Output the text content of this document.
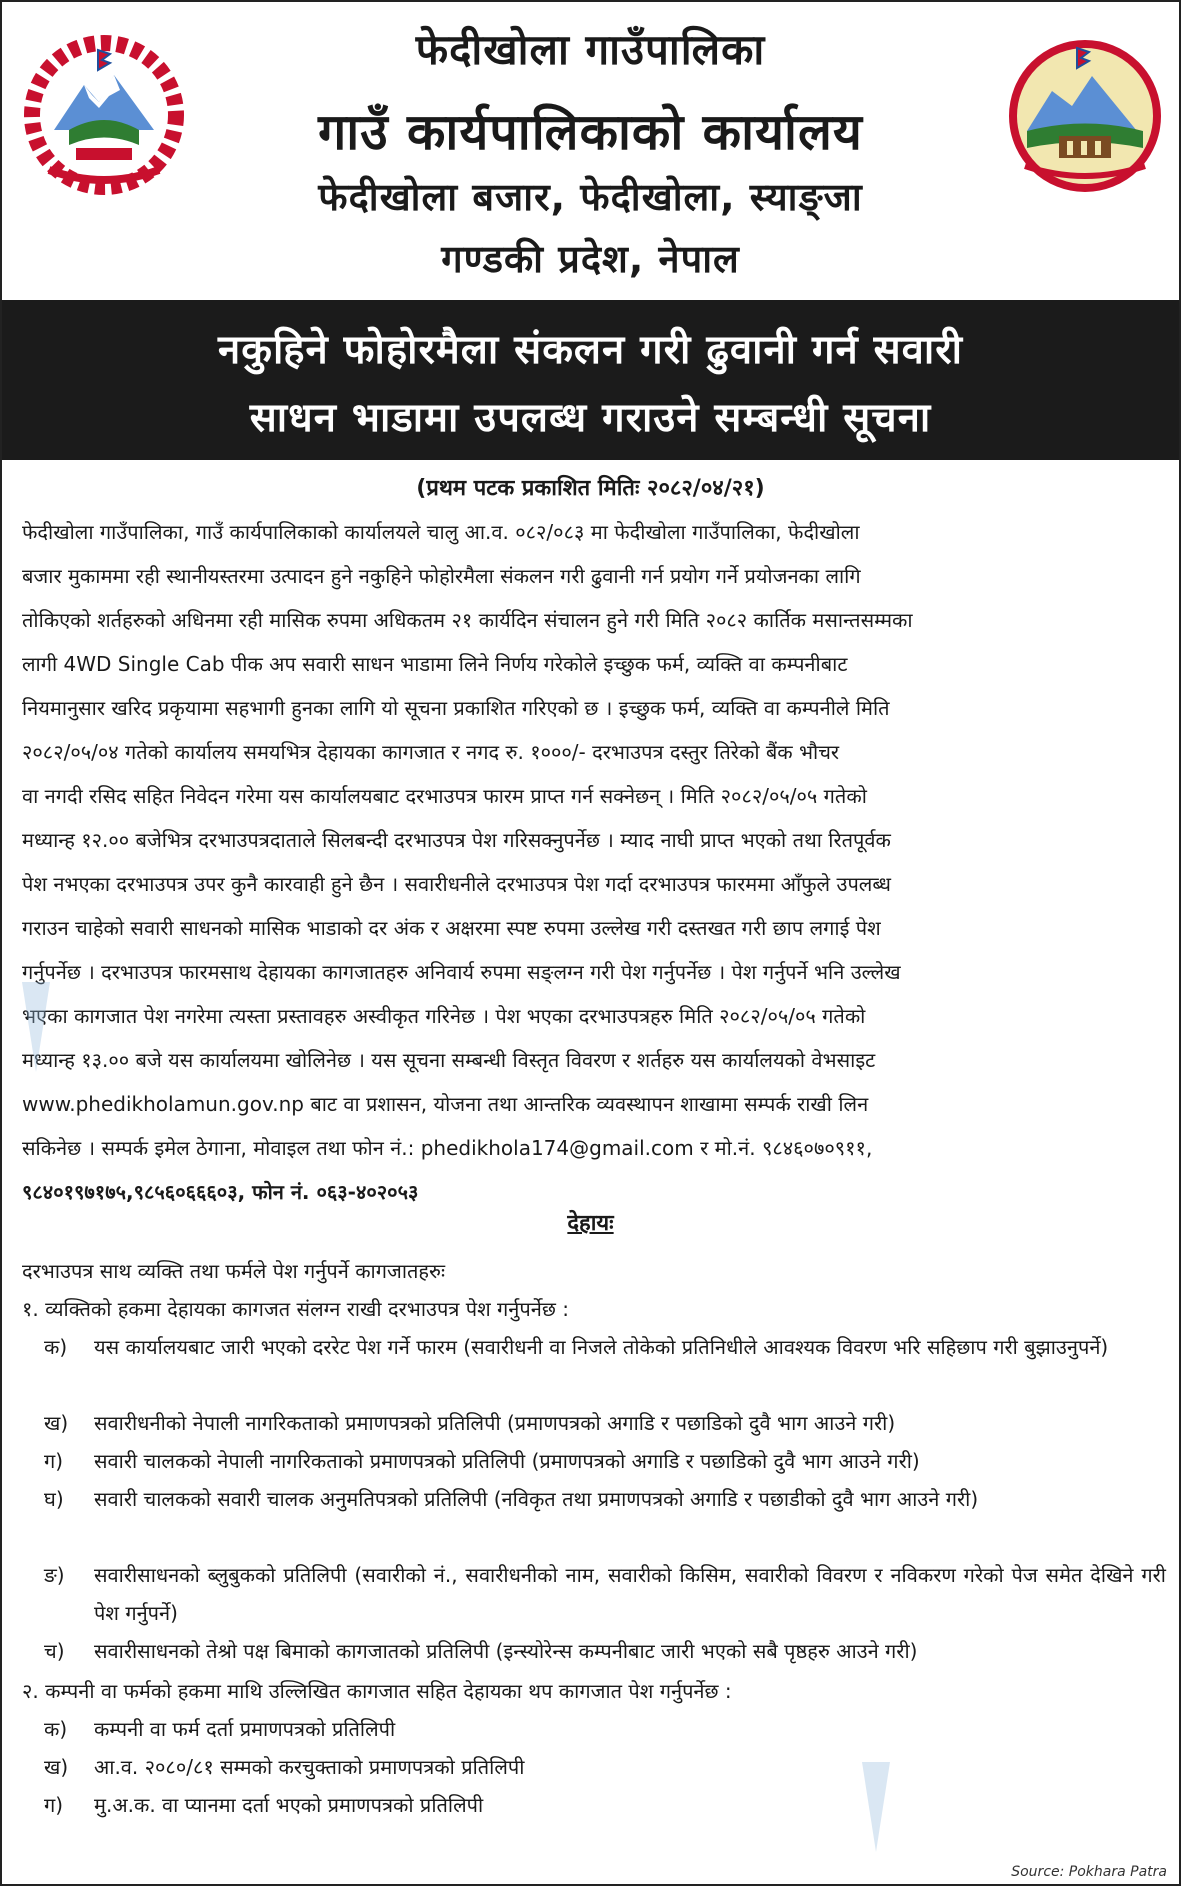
फेदीखोला गाउँपालिका
गाउँ कार्यपालिकाको कार्यालय
फेदीखोला बजार, फेदीखोला, स्याङ्जा
गण्डकी प्रदेश, नेपाल
नकुहिने फोहोरमैला संकलन गरी ढुवानी गर्न सवारी
साधन भाडामा उपलब्ध गराउने सम्बन्धी सूचना
(प्रथम पटक प्रकाशित मितिः २०८२/०४/२१)
फेदीखोला गाउँपालिका, गाउँ कार्यपालिकाको कार्यालयले चालु आ.व. ०८२/०८३ मा फेदीखोला गाउँपालिका, फेदीखोला
बजार मुकाममा रही स्थानीयस्तरमा उत्पादन हुने नकुहिने फोहोरमैला संकलन गरी ढुवानी गर्न प्रयोग गर्ने प्रयोजनका लागि
तोकिएको शर्तहरुको अधिनमा रही मासिक रुपमा अधिकतम २१ कार्यदिन संचालन हुने गरी मिति २०८२ कार्तिक मसान्तसम्मका
लागी 4WD Single Cab पीक अप सवारी साधन भाडामा लिने निर्णय गरेकोले इच्छुक फर्म, व्यक्ति वा कम्पनीबाट
नियमानुसार खरिद प्रकृयामा सहभागी हुनका लागि यो सूचना प्रकाशित गरिएको छ । इच्छुक फर्म, व्यक्ति वा कम्पनीले मिति
२०८२/०५/०४ गतेको कार्यालय समयभित्र देहायका कागजात र नगद रु. १०००/- दरभाउपत्र दस्तुर तिरेको बैंक भौचर
वा नगदी रसिद सहित निवेदन गरेमा यस कार्यालयबाट दरभाउपत्र फारम प्राप्त गर्न सक्नेछन् । मिति २०८२/०५/०५ गतेको
मध्यान्ह १२.०० बजेभित्र दरभाउपत्रदाताले सिलबन्दी दरभाउपत्र पेश गरिसक्नुपर्नेछ । म्याद नाघी प्राप्त भएको तथा रितपूर्वक
पेश नभएका दरभाउपत्र उपर कुनै कारवाही हुने छैन । सवारीधनीले दरभाउपत्र पेश गर्दा दरभाउपत्र फारममा आँफुले उपलब्ध
गराउन चाहेको सवारी साधनको मासिक भाडाको दर अंक र अक्षरमा स्पष्ट रुपमा उल्लेख गरी दस्तखत गरी छाप लगाई पेश
गर्नुपर्नेछ । दरभाउपत्र फारमसाथ देहायका कागजातहरु अनिवार्य रुपमा सङ्लग्न गरी पेश गर्नुपर्नेछ । पेश गर्नुपर्ने भनि उल्लेख
भएका कागजात पेश नगरेमा त्यस्ता प्रस्तावहरु अस्वीकृत गरिनेछ । पेश भएका दरभाउपत्रहरु मिति २०८२/०५/०५ गतेको
मध्यान्ह १३.०० बजे यस कार्यालयमा खोलिनेछ । यस सूचना सम्बन्धी विस्तृत विवरण र शर्तहरु यस कार्यालयको वेभसाइट
www.phedikholamun.gov.np बाट वा प्रशासन, योजना तथा आन्तरिक व्यवस्थापन शाखामा सम्पर्क राखी लिन
सकिनेछ । सम्पर्क इमेल ठेगाना, मोवाइल तथा फोन नं.: phedikhola174@gmail.com र मो.नं. ९८४६०७०९११,
९८४०१९७१७५,९८५६०६६६०३, फोन नं. ०६३-४०२०५३
देहायः
दरभाउपत्र साथ व्यक्ति तथा फर्मले पेश गर्नुपर्ने कागजातहरुः
१. व्यक्तिको हकमा देहायका कागजत संलग्न राखी दरभाउपत्र पेश गर्नुपर्नेछ :
क) यस कार्यालयबाट जारी भएको दररेट पेश गर्ने फारम (सवारीधनी वा निजले तोकेको प्रतिनिधीले आवश्यक विवरण भरि सहिछाप गरी बुझाउनुपर्ने)
ख) सवारीधनीको नेपाली नागरिकताको प्रमाणपत्रको प्रतिलिपी (प्रमाणपत्रको अगाडि र पछाडिको दुवै भाग आउने गरी)
ग) सवारी चालकको नेपाली नागरिकताको प्रमाणपत्रको प्रतिलिपी (प्रमाणपत्रको अगाडि र पछाडिको दुवै भाग आउने गरी)
घ) सवारी चालकको सवारी चालक अनुमतिपत्रको प्रतिलिपी (नविकृत तथा प्रमाणपत्रको अगाडि र पछाडीको दुवै भाग आउने गरी)
ङ) सवारीसाधनको ब्लुबुकको प्रतिलिपी (सवारीको नं., सवारीधनीको नाम, सवारीको किसिम, सवारीको विवरण र नविकरण गरेको पेज समेत देखिने गरी पेश गर्नुपर्ने)
च) सवारीसाधनको तेश्रो पक्ष बिमाको कागजातको प्रतिलिपी (इन्स्योरेन्स कम्पनीबाट जारी भएको सबै पृष्ठहरु आउने गरी)
२. कम्पनी वा फर्मको हकमा माथि उल्लिखित कागजात सहित देहायका थप कागजात पेश गर्नुपर्नेछ :
क) कम्पनी वा फर्म दर्ता प्रमाणपत्रको प्रतिलिपी
ख) आ.व. २०८०/८१ सम्मको करचुक्ताको प्रमाणपत्रको प्रतिलिपी
ग) मु.अ.क. वा प्यानमा दर्ता भएको प्रमाणपत्रको प्रतिलिपी
Source: Pokhara Patra
